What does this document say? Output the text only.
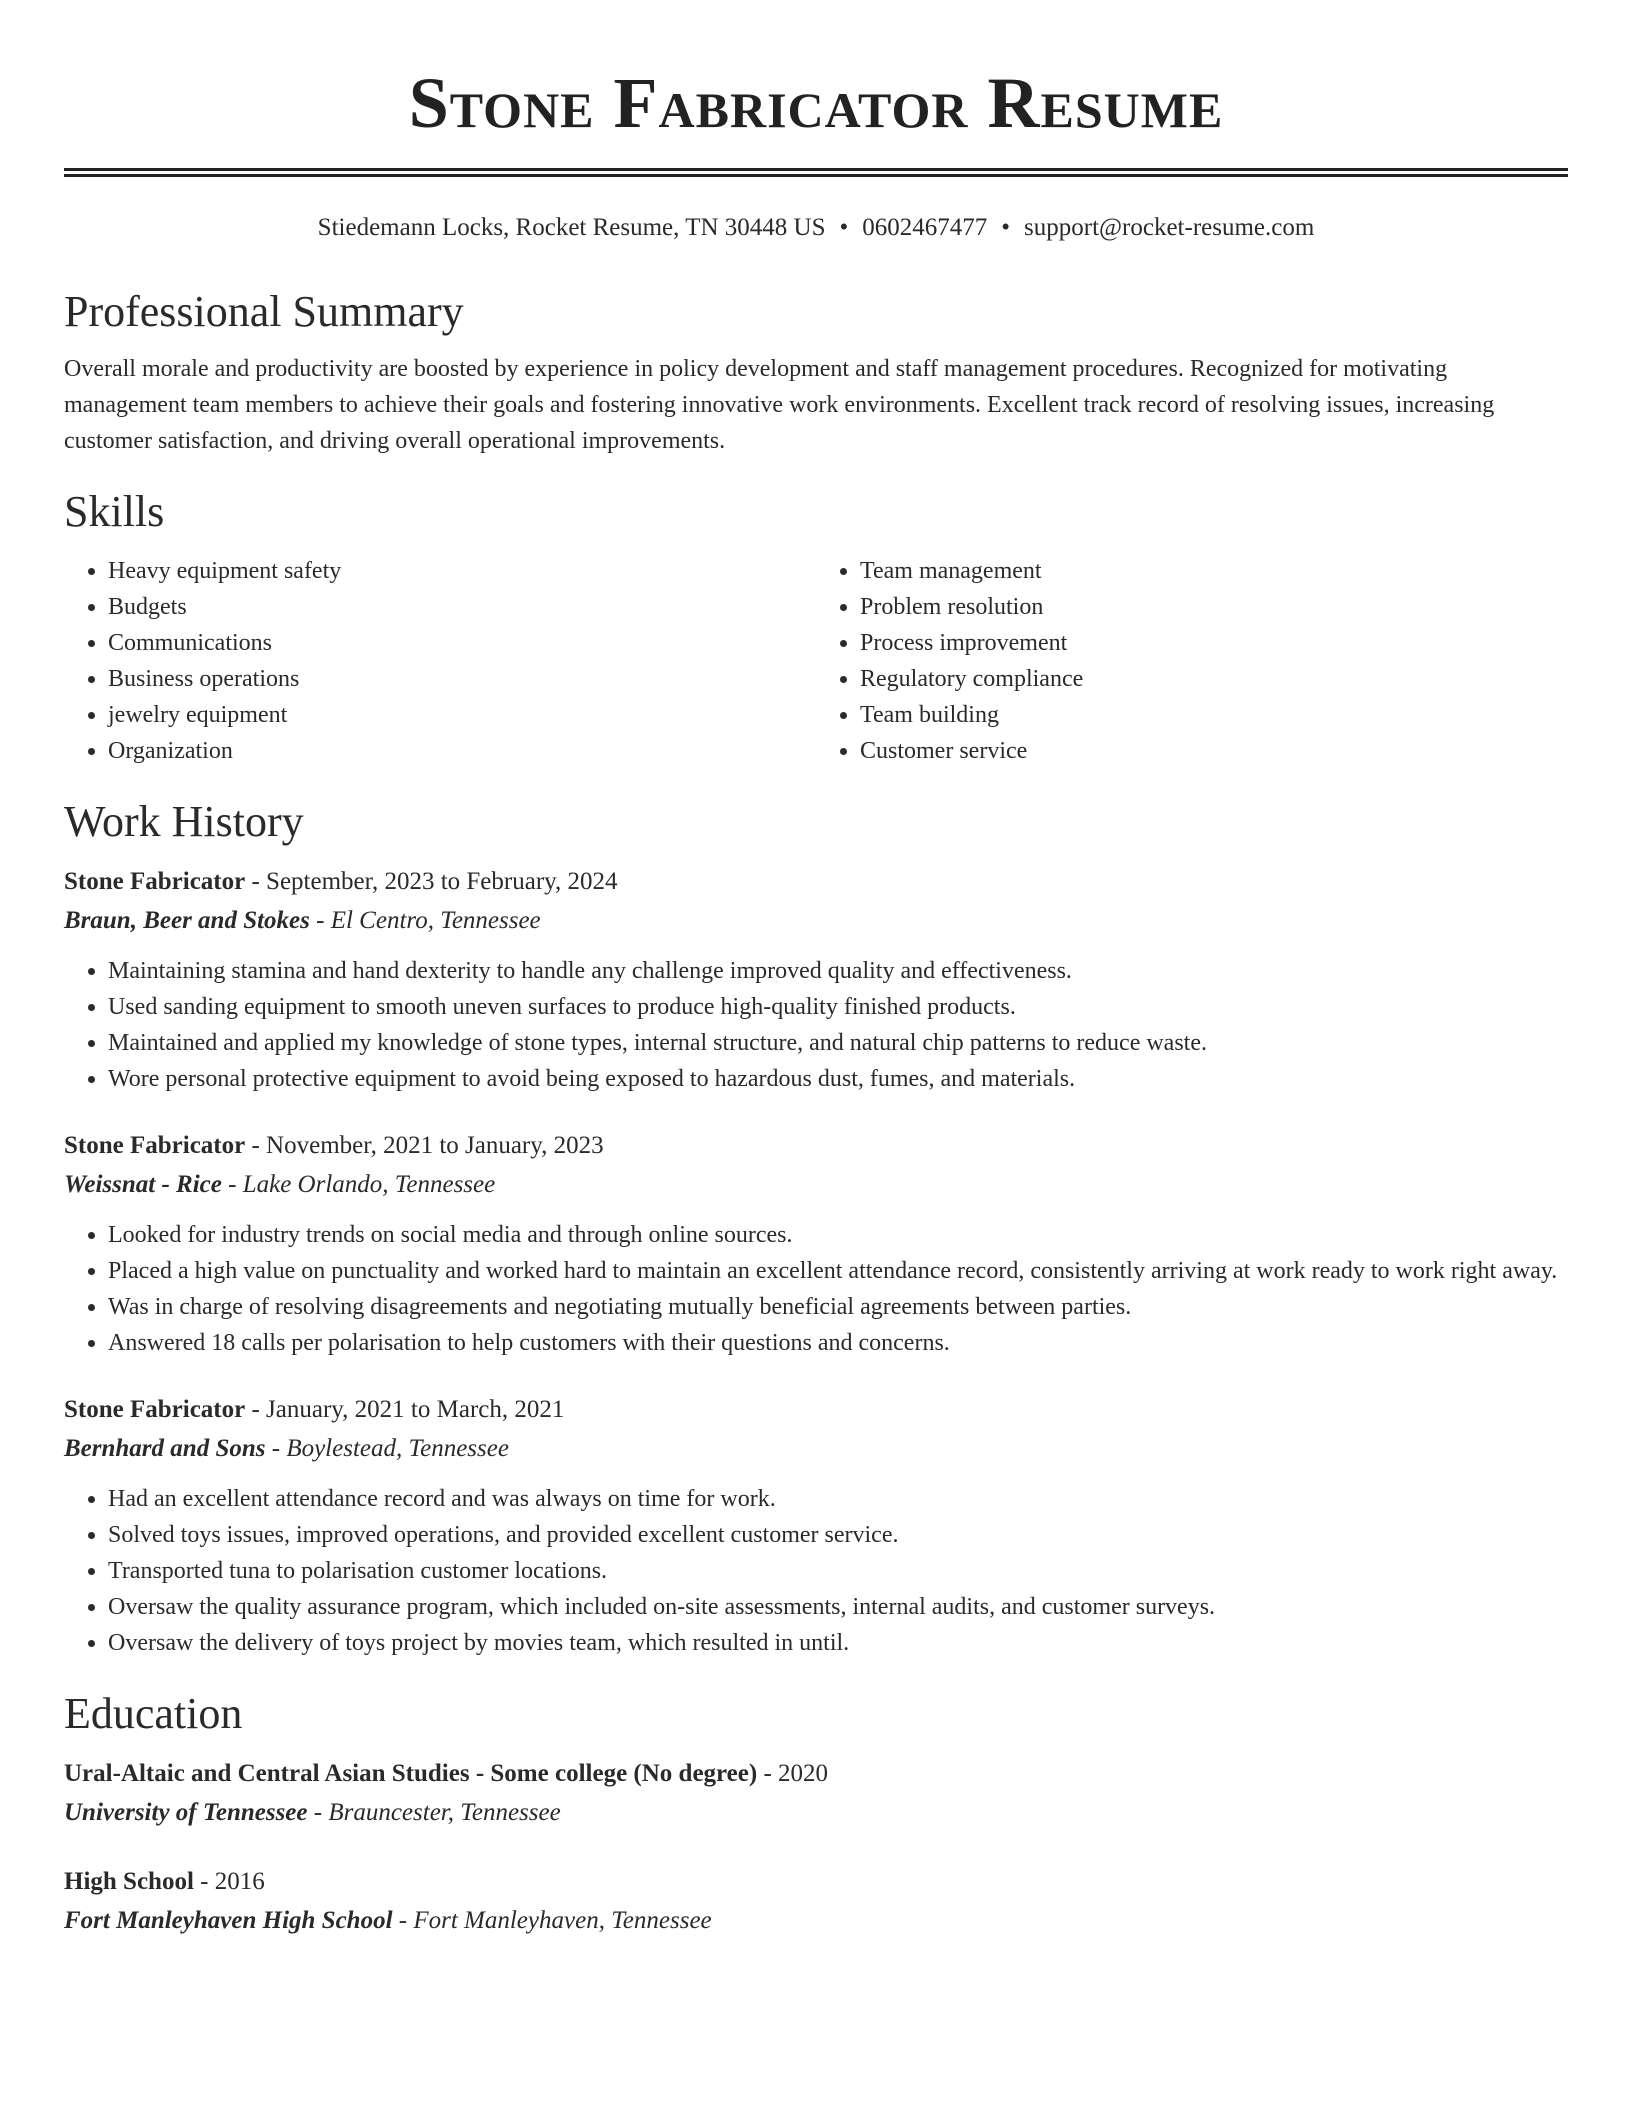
Stone Fabricator Resume
Stiedemann Locks, Rocket Resume, TN 30448 US • 0602467477 • support@rocket-resume.com
Professional Summary

Overall morale and productivity are boosted by experience in policy development and staff management procedures. Recognized for motivating management team members to achieve their goals and fostering innovative work environments. Excellent track record of resolving issues, increasing customer satisfaction, and driving overall operational improvements.

Skills
• Heavy equipment safety
• Budgets
• Communications
• Business operations
• jewelry equipment
• Organization
• Team management
• Problem resolution
• Process improvement
• Regulatory compliance
• Team building
• Customer service
Work History
Stone Fabricator - September, 2023 to February, 2024
Braun, Beer and Stokes - El Centro, Tennessee
• Maintaining stamina and hand dexterity to handle any challenge improved quality and effectiveness.
• Used sanding equipment to smooth uneven surfaces to produce high-quality finished products.
• Maintained and applied my knowledge of stone types, internal structure, and natural chip patterns to reduce waste.
• Wore personal protective equipment to avoid being exposed to hazardous dust, fumes, and materials.
Stone Fabricator - November, 2021 to January, 2023
Weissnat - Rice - Lake Orlando, Tennessee
• Looked for industry trends on social media and through online sources.
• Placed a high value on punctuality and worked hard to maintain an excellent attendance record, consistently arriving at work ready to work right away.
• Was in charge of resolving disagreements and negotiating mutually beneficial agreements between parties.
• Answered 18 calls per polarisation to help customers with their questions and concerns.
Stone Fabricator - January, 2021 to March, 2021
Bernhard and Sons - Boylestead, Tennessee
• Had an excellent attendance record and was always on time for work.
• Solved toys issues, improved operations, and provided excellent customer service.
• Transported tuna to polarisation customer locations.
• Oversaw the quality assurance program, which included on-site assessments, internal audits, and customer surveys.
• Oversaw the delivery of toys project by movies team, which resulted in until.
Education
Ural-Altaic and Central Asian Studies - Some college (No degree) - 2020
University of Tennessee - Brauncester, Tennessee
High School - 2016
Fort Manleyhaven High School - Fort Manleyhaven, Tennessee
